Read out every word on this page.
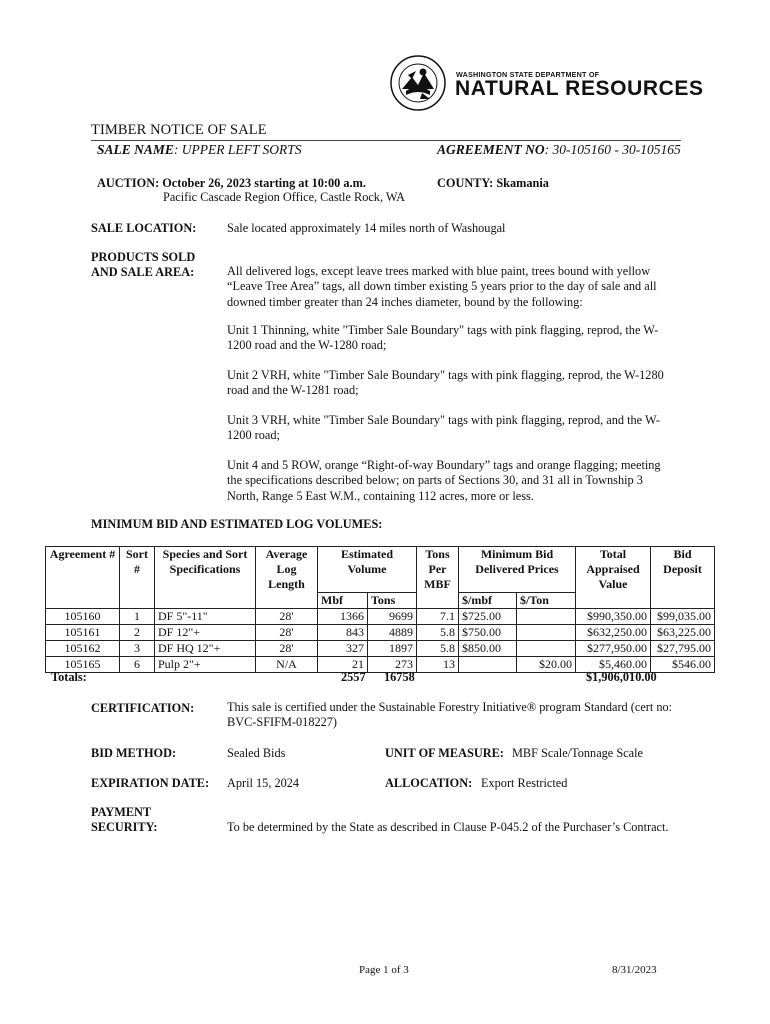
WASHINGTON STATE DEPARTMENT OF
NATURAL RESOURCES
TIMBER NOTICE OF SALE
SALE NAME: UPPER LEFT SORTS	AGREEMENT NO: 30-105160 - 30-105165
AUCTION: October 26, 2023 starting at 10:00 a.m.
Pacific Cascade Region Office, Castle Rock, WA
COUNTY: Skamania
SALE LOCATION: Sale located approximately 14 miles north of Washougal
PRODUCTS SOLD
AND SALE AREA:	All delivered logs, except leave trees marked with blue paint, trees bound with yellow “Leave Tree Area” tags, all down timber existing 5 years prior to the day of sale and all downed timber greater than 24 inches diameter, bound by the following:

Unit 1 Thinning, white "Timber Sale Boundary" tags with pink flagging, reprod, the W-1200 road and the W-1280 road;

Unit 2 VRH, white "Timber Sale Boundary" tags with pink flagging, reprod, the W-1280 road and the W-1281 road;

Unit 3 VRH, white "Timber Sale Boundary" tags with pink flagging, reprod, and the W-1200 road;

Unit 4 and 5 ROW, orange “Right-of-way Boundary” tags and orange flagging; meeting the specifications described below; on parts of Sections 30, and 31 all in Township 3 North, Range 5 East W.M., containing 112 acres, more or less.

MINIMUM BID AND ESTIMATED LOG VOLUMES:
Agreement #	Sort #	Species and Sort Specifications	Average Log Length	Estimated Volume		Tons Per MBF	Minimum Bid Delivered Prices		Total Appraised Value	Bid Deposit
				Mbf	Tons		$/mbf	$/Ton		
105160	1	DF 5"-11"	28'	1366	9699	7.1	$725.00		$990,350.00	$99,035.00
105161	2	DF 12"+	28'	843	4889	5.8	$750.00		$632,250.00	$63,225.00
105162	3	DF HQ 12"+	28'	327	1897	5.8	$850.00		$277,950.00	$27,795.00
105165	6	Pulp 2"+	N/A	21	273	13		$20.00	$5,460.00	$546.00
Totals:	2557 16758	$1,906,010.00
CERTIFICATION:	This sale is certified under the Sustainable Forestry Initiative® program Standard (cert no: BVC-SFIFM-018227)

BID METHOD:	Sealed Bids	UNIT OF MEASURE: MBF Scale/Tonnage Scale
EXPIRATION DATE: April 15, 2024	ALLOCATION: Export Restricted
PAYMENT
SECURITY:	To be determined by the State as described in Clause P-045.2 of the Purchaser’s Contract.
Page 1 of 3	8/31/2023
